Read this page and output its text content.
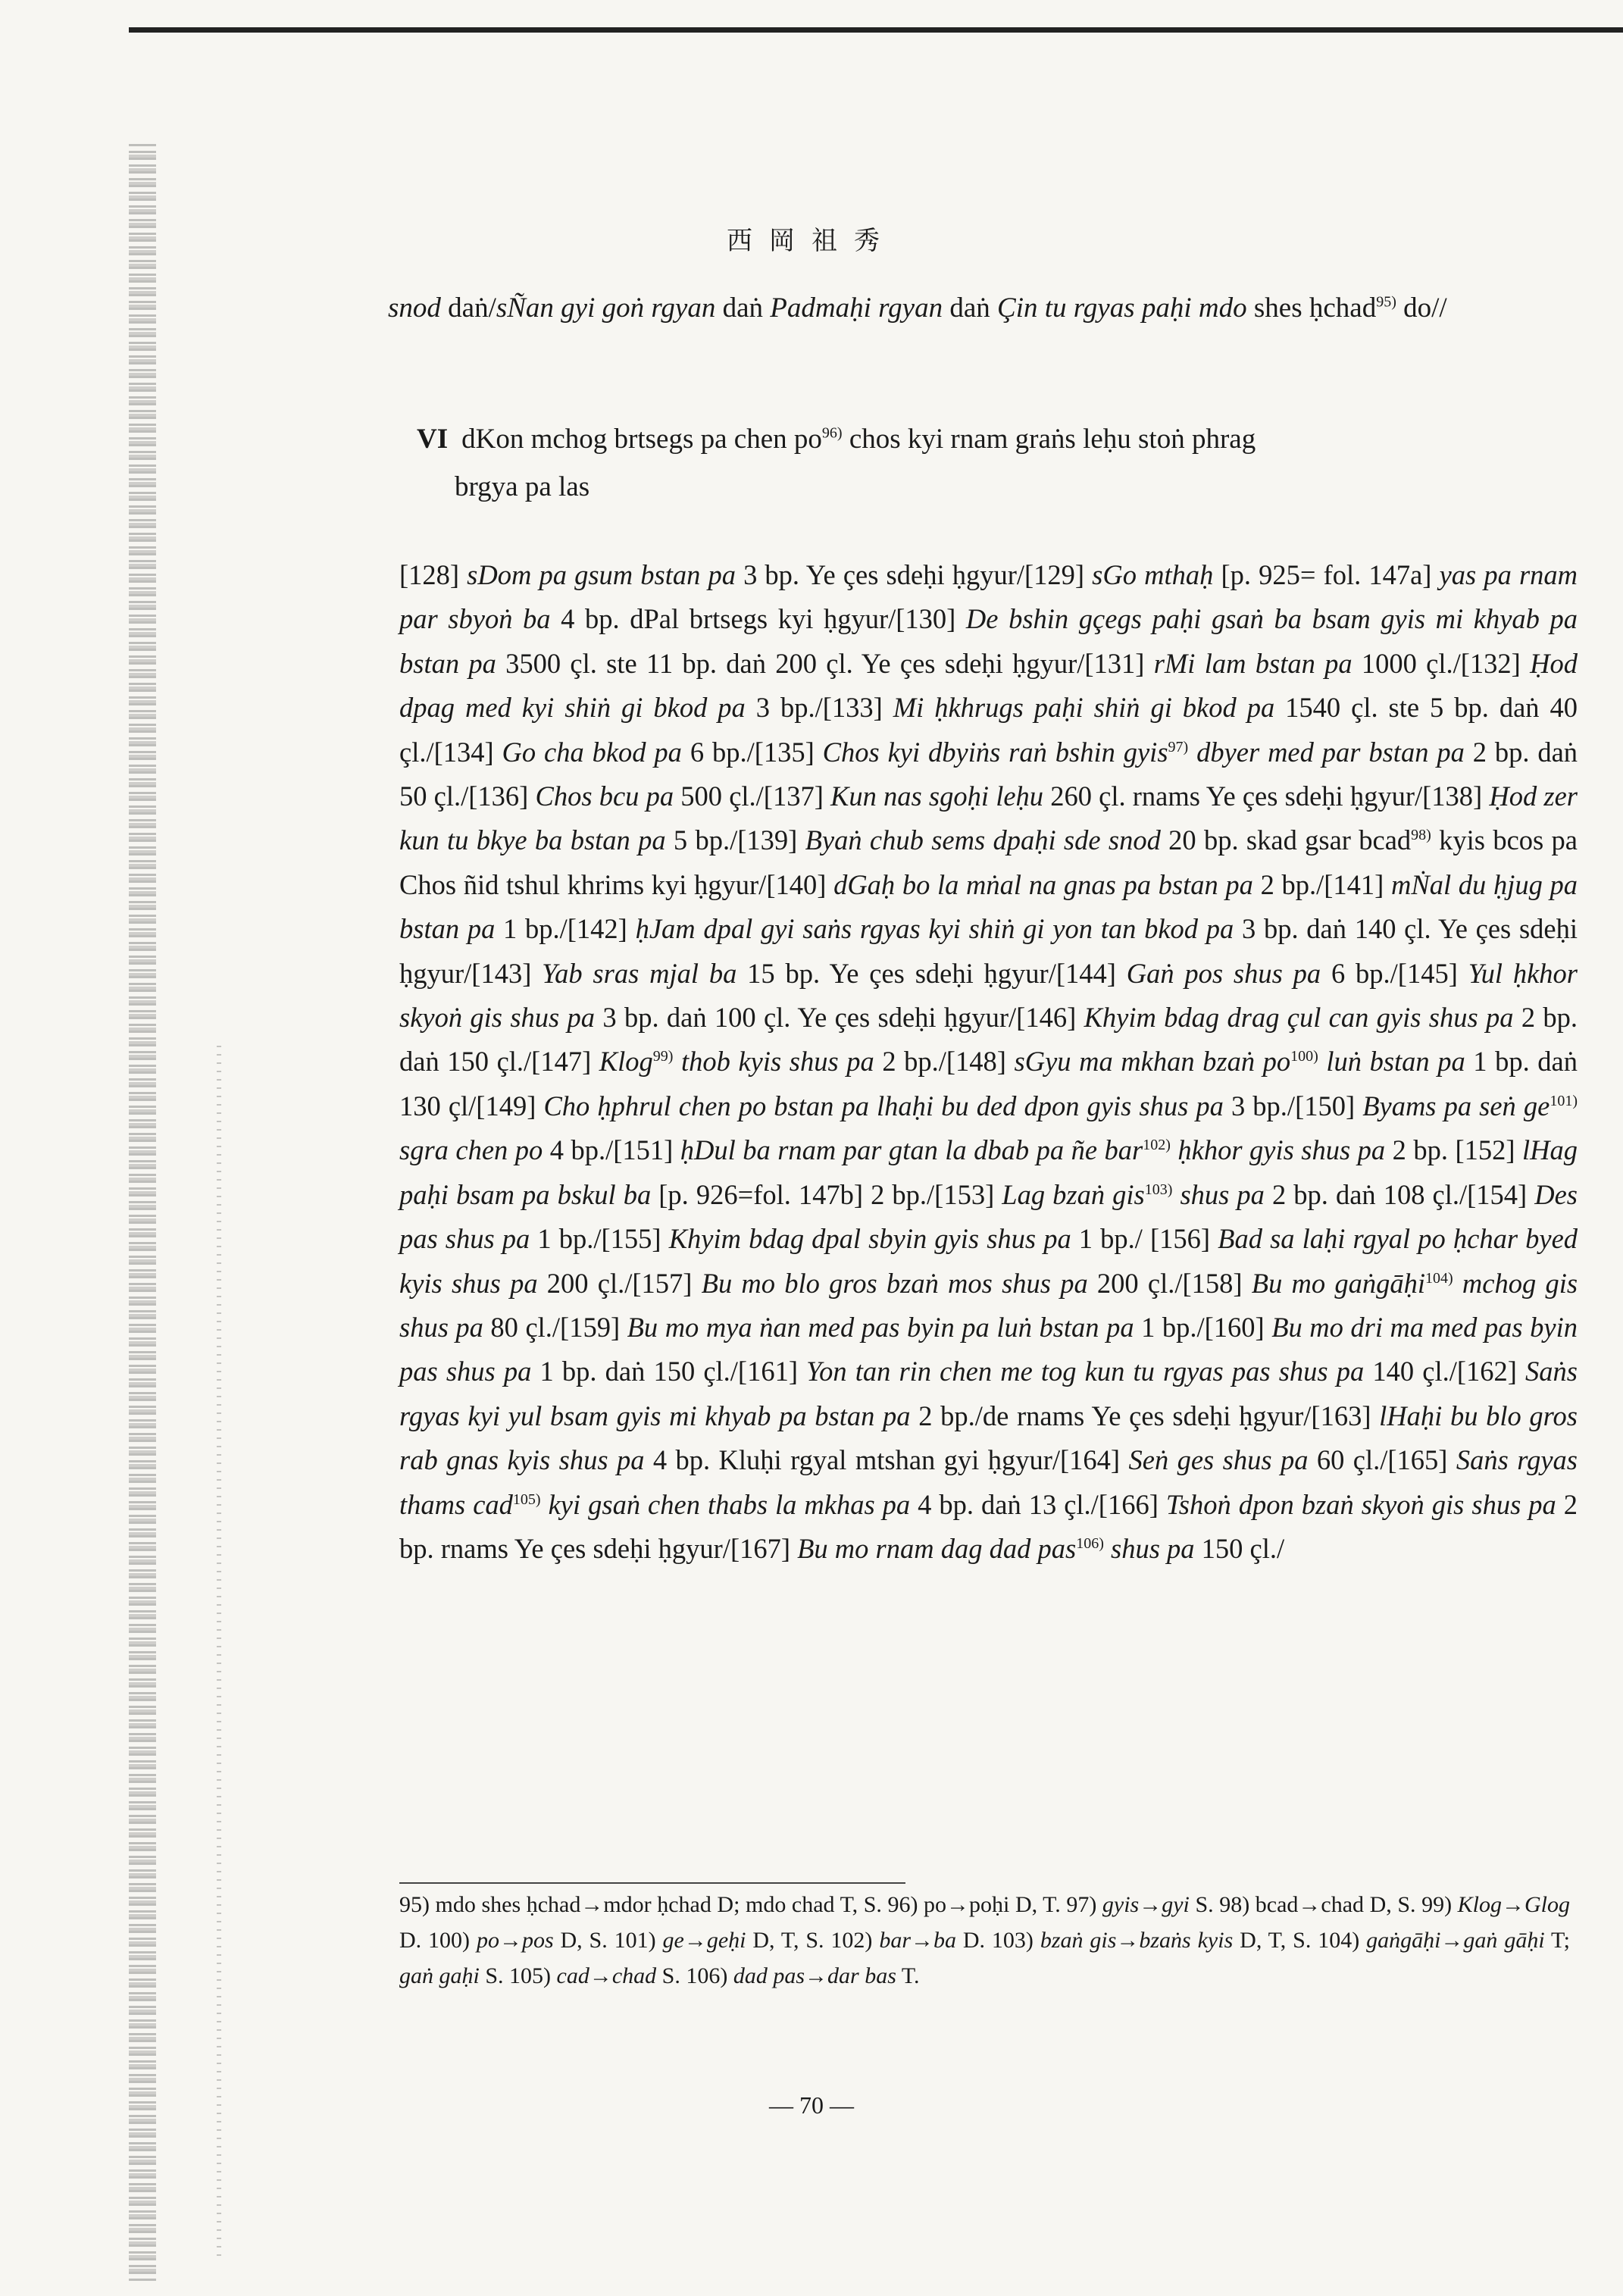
西岡祖秀
snod daṅ/sÑan gyi goṅ rgyan daṅ Padmaḥi rgyan daṅ Çin tu rgyas paḥi mdo shes ḥchad$^{95)}$ do//
VI dKon mchog brtsegs pa chen $po^{96)}$ chos kyi rnam graṅs leḥu stoṅ phrag
brgya pa las
[128] sDom pa gsum bstan pa 3 bp. Ye çes sdeḥi ḥgyur/[129] sGo mthaḥ [p. 925= fol. 147a] yas pa rnam par sbyoṅ ba 4 bp. dPal brtsegs kyi ḥgyur/[130] De bshin gçegs paḥi gsaṅ ba bsam gyis mi khyab pa bstan pa 3500 çl. ste 11 bp. daṅ 200 çl. Ye çes sdeḥi ḥgyur/[131] rMi lam bstan pa 1000 çl./[132] Ḥod dpag med kyi shiṅ gi bkod pa 3 bp./[133] Mi ḥkhrugs paḥi shiṅ gi bkod pa 1540 çl. ste 5 bp. daṅ 40 çl./[134] Go cha bkod pa 6 bp./[135] Chos kyi dbyiṅs raṅ bshin gyis$^{97)}$ dbyer med par bstan pa 2 bp. daṅ 50 çl./[136] Chos bcu pa 500 çl./[137] Kun nas sgoḥi leḥu 260 çl. rnams Ye çes sdeḥi ḥgyur/[138] Ḥod zer kun tu bkye ba bstan pa 5 bp./[139] Byaṅ chub sems dpaḥi sde snod 20 bp. skad gsar bcad$^{98)}$ kyis bcos pa Chos ñid tshul khrims kyi ḥgyur/[140] dGaḥ bo la mṅal na gnas pa bstan pa 2 bp./[141] mṄal du ḥjug pa bstan pa 1 bp./[142] ḥJam dpal gyi saṅs rgyas kyi shiṅ gi yon tan bkod pa 3 bp. daṅ 140 çl. Ye çes sdeḥi ḥgyur/[143] Yab sras mjal ba 15 bp. Ye çes sdeḥi ḥgyur/[144] Gaṅ pos shus pa 6 bp./[145] Yul ḥkhor skyoṅ gis shus pa 3 bp. daṅ 100 çl. Ye çes sdeḥi ḥgyur/[146] Khyim bdag drag çul can gyis shus pa 2 bp. daṅ 150 çl./[147] Klog$^{99)}$ thob kyis shus pa 2 bp./[148] sGyu ma mkhan bzaṅ $po^{100)}$ luṅ bstan pa 1 bp. daṅ 130 çl/[149] Cho ḥphrul chen po bstan pa lhaḥi bu ded dpon gyis shus pa 3 bp./[150] Byams pa seṅ $ge^{101)}$ sgra chen po 4 bp./[151] ḥDul ba rnam par gtan la dbab pa ñe bar$^{102)}$ ḥkhor gyis shus pa 2 bp. [152] lHag paḥi bsam pa bskul ba [p. 926=fol. 147b] 2 bp./[153] Lag bzaṅ gis$^{103)}$ shus pa 2 bp. daṅ 108 çl./[154] Des pas shus pa 1 bp./[155] Khyim bdag dpal sbyin gyis shus pa 1 bp./ [156] Bad sa laḥi rgyal po ḥchar byed kyis shus pa 200 çl./[157] Bu mo blo gros bzaṅ mos shus pa 200 çl./[158] Bu mo gaṅgāḥi$^{104)}$ mchog gis shus pa 80 çl./[159] Bu mo mya ṅan med pas byin pa luṅ bstan pa 1 bp./[160] Bu mo dri ma med pas byin pas shus pa 1 bp. daṅ 150 çl./[161] Yon tan rin chen me tog kun tu rgyas pas shus pa 140 çl./[162] Saṅs rgyas kyi yul bsam gyis mi khyab pa bstan pa 2 bp./de rnams Ye çes sdeḥi ḥgyur/[163] lHaḥi bu blo gros rab gnas kyis shus pa 4 bp. Kluḥi rgyal mtshan gyi ḥgyur/[164] Seṅ ges shus pa 60 çl./[165] Saṅs rgyas thams cad$^{105)}$ kyi gsaṅ chen thabs la mkhas pa 4 bp. daṅ 13 çl./[166] Tshoṅ dpon bzaṅ skyoṅ gis shus pa 2 bp. rnams Ye çes sdeḥi ḥgyur/[167] Bu mo rnam dag dad pas$^{106)}$ shus pa 150 çl./
95) mdo shes ḥchad→mdor ḥchad D; mdo chad T, S. 96) po→poḥi D, T. 97) gyis→gyi S. 98) bcad→chad D, S. 99) Klog→Glog D. 100) po→pos D, S. 101) ge→geḥi D, T, S. 102) bar→ba D. 103) bzaṅ gis→bzaṅs kyis D, T, S. 104) gaṅgāḥi→gaṅ gāḥi T; gaṅ gaḥi S. 105) cad→chad S. 106) dad pas→dar bas T.
— 70 —
